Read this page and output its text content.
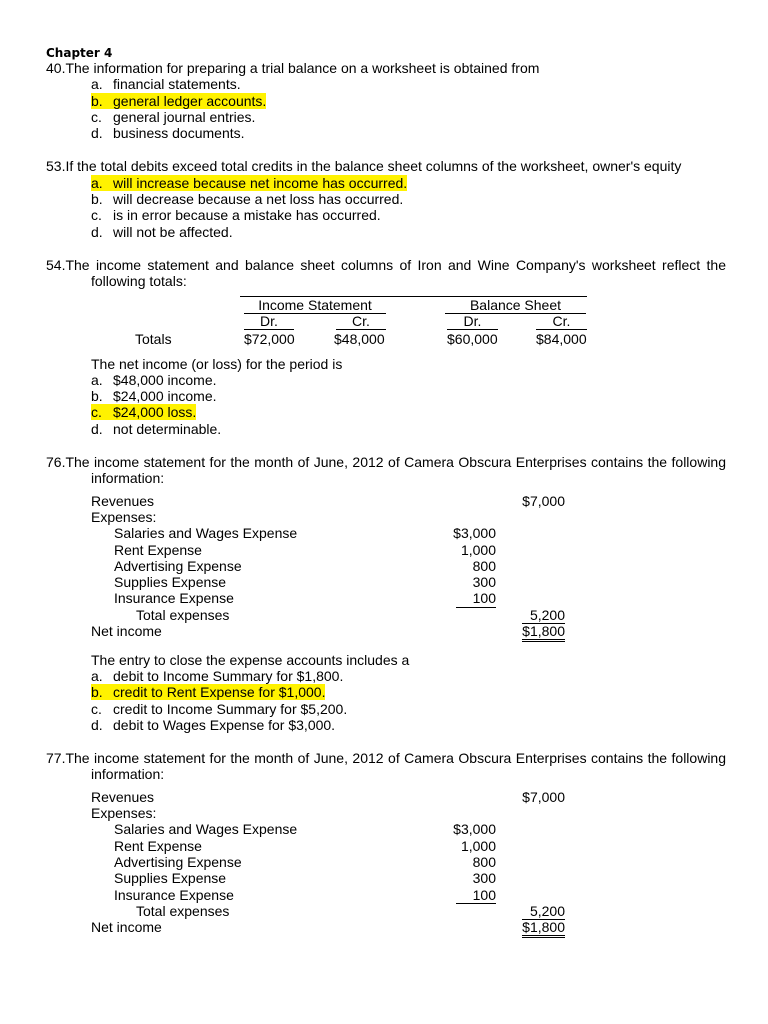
Chapter 4
40.The information for preparing a trial balance on a worksheet is obtained from
a. financial statements.
b. general ledger accounts.
c. general journal entries.
d. business documents.
53.If the total debits exceed total credits in the balance sheet columns of the worksheet, owner's equity
a. will increase because net income has occurred.
b. will decrease because a net loss has occurred.
c. is in error because a mistake has occurred.
d. will not be affected.
54.The income statement and balance sheet columns of Iron and Wine Company's worksheet reflect the
following totals:
Income Statement
Dr.	Cr.
Balance Sheet
Dr.	Cr.
Totals	$72,000	$48,000	$60,000	$84,000
The net income (or loss) for the period is
a. $48,000 income.
b. $24,000 income.
c. $24,000 loss.
d. not determinable.
76.The income statement for the month of June, 2012 of Camera Obscura Enterprises contains the following
information:
Revenues	$7,000
Expenses:
Salaries and Wages Expense	$3,000
Rent Expense	1,000
Advertising Expense	800
Supplies Expense	300
Insurance Expense	100
Total expenses	5,200
Net income	$1,800
The entry to close the expense accounts includes a
a. debit to Income Summary for $1,800.
b. credit to Rent Expense for $1,000.
c. credit to Income Summary for $5,200.
d. debit to Wages Expense for $3,000.
77.The income statement for the month of June, 2012 of Camera Obscura Enterprises contains the following
information:
Revenues	$7,000
Expenses:
Salaries and Wages Expense	$3,000
Rent Expense	1,000
Advertising Expense	800
Supplies Expense	300
Insurance Expense	100
Total expenses	5,200
Net income	$1,800
